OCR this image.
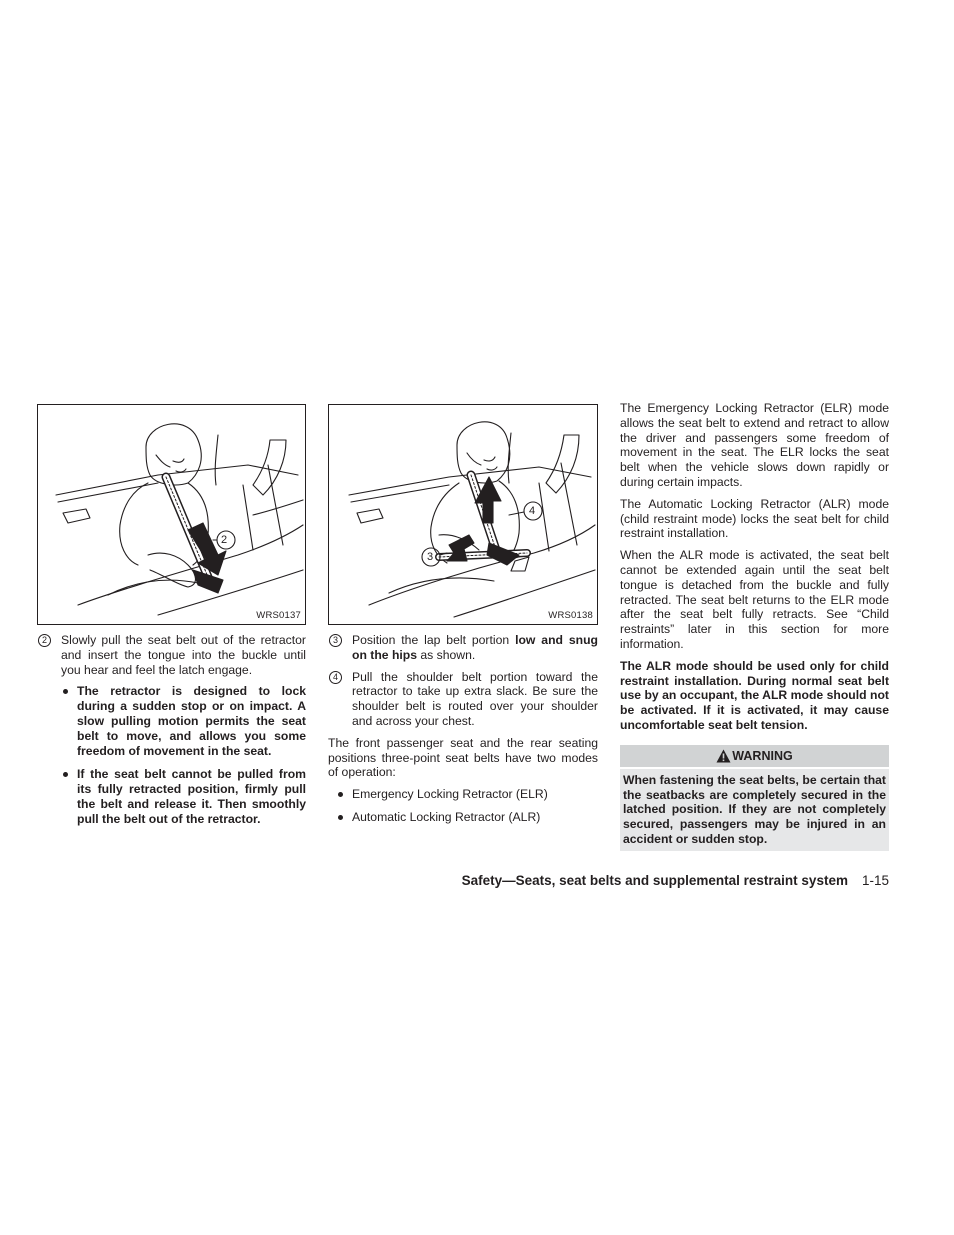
2
WRS0137
2	Slowly pull the seat belt out of the retractor and insert the tongue into the buckle until you hear and feel the latch engage.
The retractor is designed to lock during a sudden stop or on impact. A slow pulling motion permits the seat belt to move, and allows you some freedom of movement in the seat.
If the seat belt cannot be pulled from its fully retracted position, firmly pull the belt and release it. Then smoothly pull the belt out of the retractor.
4
3
WRS0138
3	Position the lap belt portion low and snug on the hips as shown.
4	Pull the shoulder belt portion toward the retractor to take up extra slack. Be sure the shoulder belt is routed over your shoulder and across your chest.

The front passenger seat and the rear seating positions three-point seat belts have two modes of operation:

Emergency Locking Retractor (ELR)
Automatic Locking Retractor (ALR)

The Emergency Locking Retractor (ELR) mode allows the seat belt to extend and retract to allow the driver and passengers some freedom of movement in the seat. The ELR locks the seat belt when the vehicle slows down rapidly or during certain impacts.

The Automatic Locking Retractor (ALR) mode (child restraint mode) locks the seat belt for child restraint installation.

When the ALR mode is activated, the seat belt cannot be extended again until the seat belt tongue is detached from the buckle and fully retracted. The seat belt returns to the ELR mode after the seat belt fully retracts. See “Child restraints” later in this section for more information.

The ALR mode should be used only for child restraint installation. During normal seat belt use by an occupant, the ALR mode should not be activated. If it is activated, it may cause uncomfortable seat belt tension.

WARNING
When fastening the seat belts, be certain that the seatbacks are completely secured in the latched position. If they are not completely secured, passengers may be injured in an accident or sudden stop.
Safety—Seats, seat belts and supplemental restraint system 1-15
